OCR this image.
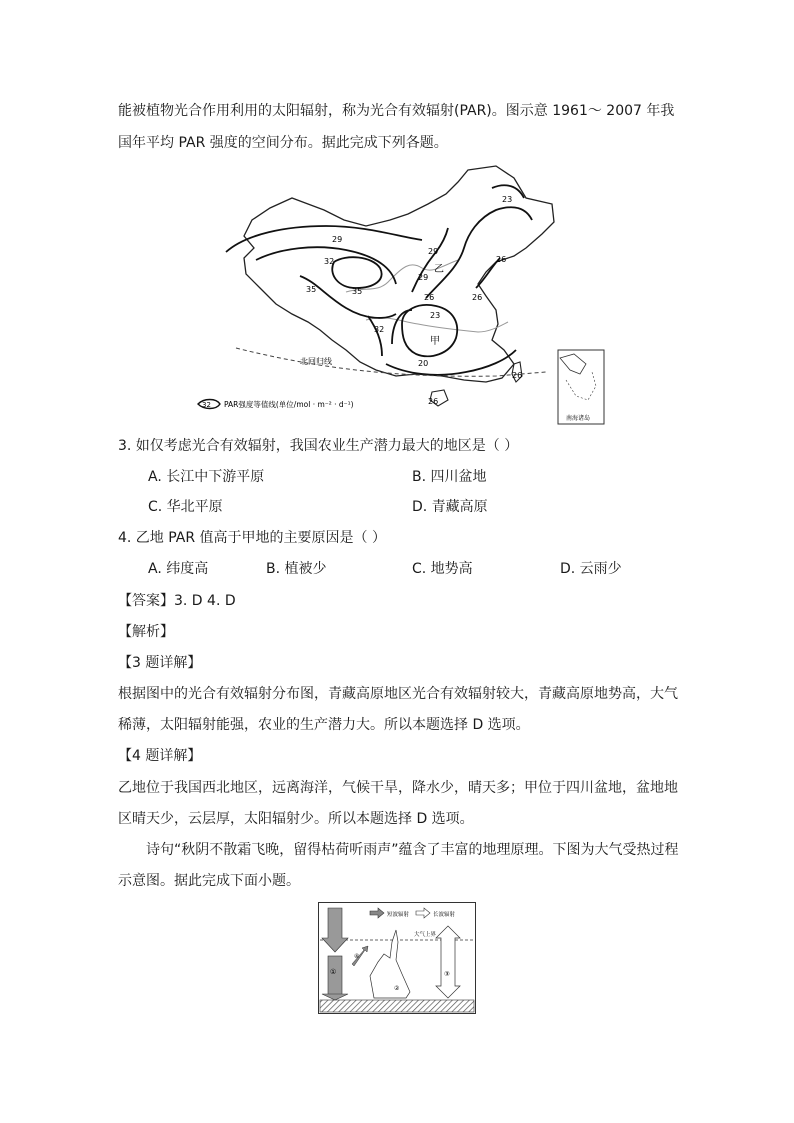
能被植物光合作用利用的太阳辐射，称为光合有效辐射(PAR)。图示意 1961～ 2007 年我
国年平均 PAR 强度的空间分布。据此完成下列各题。
23
26
26
26
29
29
29
32
32
35	35
23
20
26
26
甲
乙
北回归线
32 PAR强度等值线(单位/mol · m⁻² · d⁻¹)
南海诸岛
3. 如仅考虑光合有效辐射，我国农业生产潜力最大的地区是（ ）
A. 长江中下游平原	B. 四川盆地
C. 华北平原	D. 青藏高原
4. 乙地 PAR 值高于甲地的主要原因是（ ）
A. 纬度高	B. 植被少	C. 地势高	D. 云雨少
【答案】3. D 4. D
【解析】
【3 题详解】
根据图中的光合有效辐射分布图，青藏高原地区光合有效辐射较大，青藏高原地势高，大气
稀薄，太阳辐射能强，农业的生产潜力大。所以本题选择 D 选项。
【4 题详解】
乙地位于我国西北地区，远离海洋，气候干旱，降水少，晴天多；甲位于四川盆地，盆地地
区晴天少，云层厚，太阳辐射少。所以本题选择 D 选项。
诗句“秋阴不散霜飞晚，留得枯荷听雨声”蕴含了丰富的地理原理。下图为大气受热过程
示意图。据此完成下面小题。
短波辐射	长波辐射
大气上界
①
④
②
③
